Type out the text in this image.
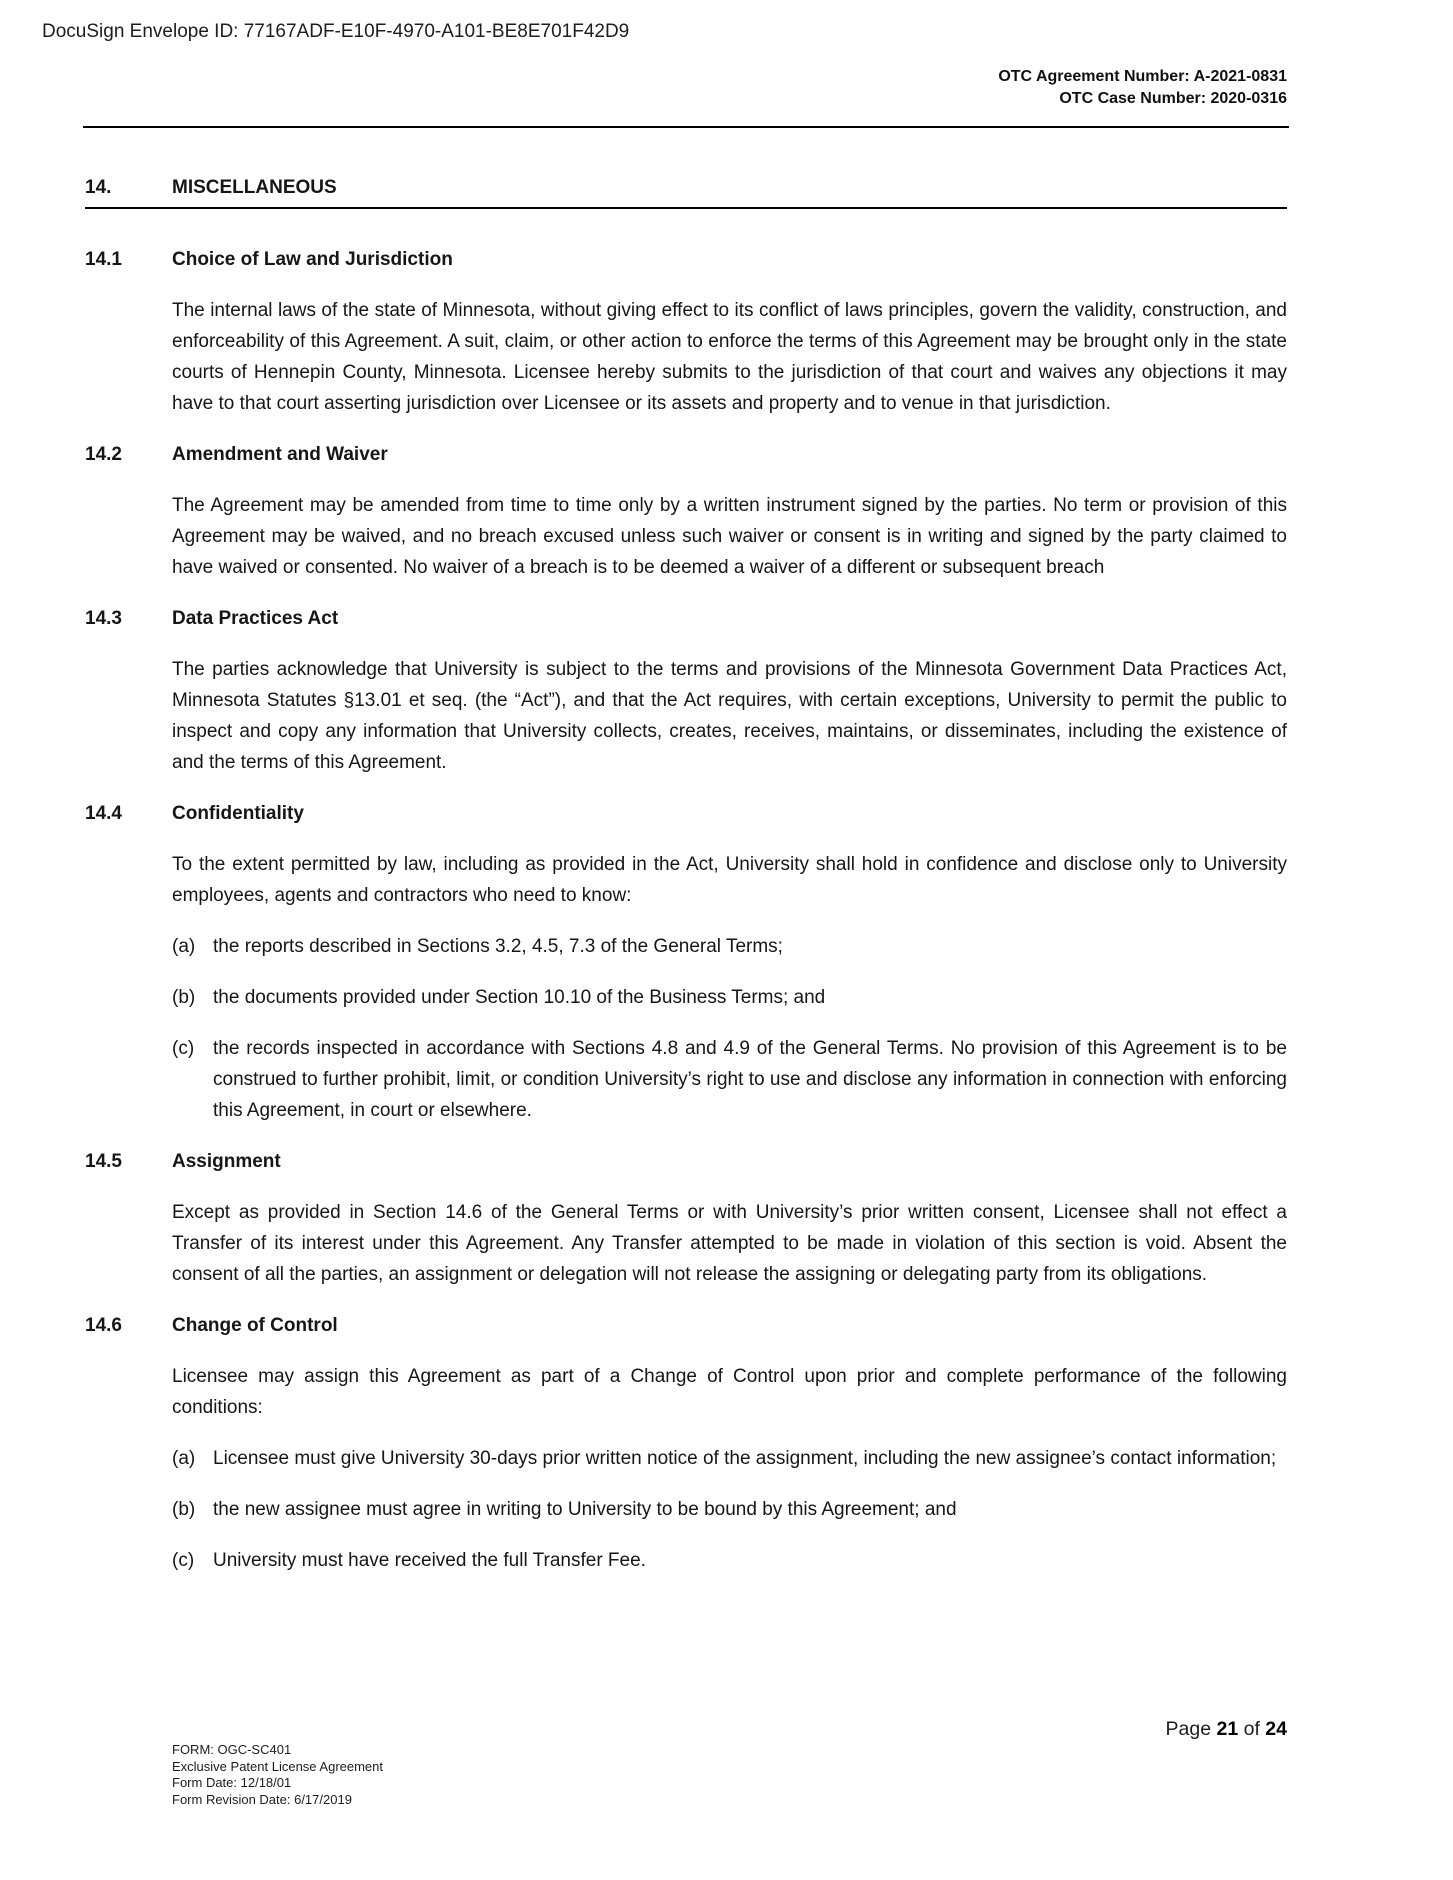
DocuSign Envelope ID: 77167ADF-E10F-4970-A101-BE8E701F42D9
OTC Agreement Number: A-2021-0831
OTC Case Number: 2020-0316
14.	MISCELLANEOUS
14.1	Choice of Law and Jurisdiction

The internal laws of the state of Minnesota, without giving effect to its conflict of laws principles, govern the validity, construction, and enforceability of this Agreement. A suit, claim, or other action to enforce the terms of this Agreement may be brought only in the state courts of Hennepin County, Minnesota. Licensee hereby submits to the jurisdiction of that court and waives any objections it may have to that court asserting jurisdiction over Licensee or its assets and property and to venue in that jurisdiction.

14.2	Amendment and Waiver

The Agreement may be amended from time to time only by a written instrument signed by the parties. No term or provision of this Agreement may be waived, and no breach excused unless such waiver or consent is in writing and signed by the party claimed to have waived or consented. No waiver of a breach is to be deemed a waiver of a different or subsequent breach

14.3	Data Practices Act

The parties acknowledge that University is subject to the terms and provisions of the Minnesota Government Data Practices Act, Minnesota Statutes §13.01 et seq. (the “Act”), and that the Act requires, with certain exceptions, University to permit the public to inspect and copy any information that University collects, creates, receives, maintains, or disseminates, including the existence of and the terms of this Agreement.

14.4	Confidentiality

To the extent permitted by law, including as provided in the Act, University shall hold in confidence and disclose only to University employees, agents and contractors who need to know:

(a) the reports described in Sections 3.2, 4.5, 7.3 of the General Terms;
(b) the documents provided under Section 10.10 of the Business Terms; and
(c) the records inspected in accordance with Sections 4.8 and 4.9 of the General Terms. No provision of this Agreement is to be construed to further prohibit, limit, or condition University’s right to use and disclose any information in connection with enforcing this Agreement, in court or elsewhere.
14.5	Assignment

Except as provided in Section 14.6 of the General Terms or with University’s prior written consent, Licensee shall not effect a Transfer of its interest under this Agreement. Any Transfer attempted to be made in violation of this section is void. Absent the consent of all the parties, an assignment or delegation will not release the assigning or delegating party from its obligations.

14.6	Change of Control

Licensee may assign this Agreement as part of a Change of Control upon prior and complete performance of the following conditions:

(a) Licensee must give University 30-days prior written notice of the assignment, including the new assignee’s contact information;
(b) the new assignee must agree in writing to University to be bound by this Agreement; and
(c) University must have received the full Transfer Fee.
Page 21 of 24
FORM: OGC-SC401
Exclusive Patent License Agreement
Form Date: 12/18/01
Form Revision Date: 6/17/2019
